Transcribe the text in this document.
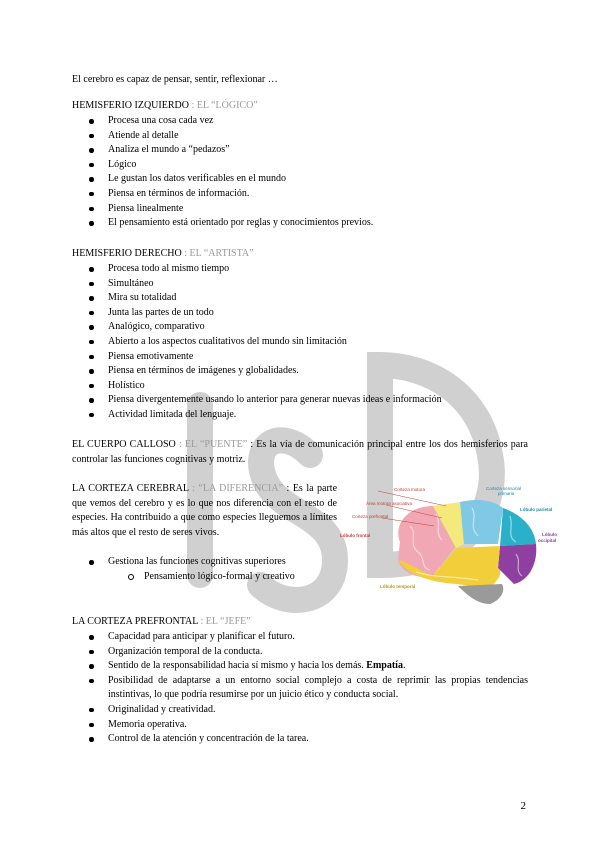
El cerebro es capaz de pensar, sentir, reflexionar …
HEMISFERIO IZQUIERDO : EL “LÓGICO”
Procesa una cosa cada vez
Atiende al detalle
Analiza el mundo a “pedazos”
Lógico
Le gustan los datos verificables en el mundo
Piensa en términos de información.
Piensa linealmente
El pensamiento está orientado por reglas y conocimientos previos.
HEMISFERIO DERECHO : EL “ARTISTA”
Procesa todo al mismo tiempo
Simultáneo
Mira su totalidad
Junta las partes de un todo
Analógico, comparativo
Abierto a los aspectos cualitativos del mundo sin limitación
Piensa emotivamente
Piensa en términos de imágenes y globalidades.
Holístico
Piensa divergentemente usando lo anterior para generar nuevas ideas e información
Actividad limitada del lenguaje.
EL CUERPO CALLOSO : EL “PUENTE” : Es la vía de comunicación principal entre los dos hemisferios para controlar las funciones cognitivas y motriz.
LA CORTEZA CEREBRAL : “LA DIFERENCIA” : Es la parte que vemos del cerebro y es lo que nos diferencia con el resto de especies. Ha contribuido a que como especies lleguemos a límites más altos que el resto de seres vivos.
Gestiona las funciones cognitivas superiores
Pensamiento lógico-formal y creativo
Corteza motora	Corteza sensorial
primaria
Área motora asociativa
Corteza prefrontal
Lóbulo parietal
Lóbulo frontal	Lóbulo
occipital
Lóbulo temporal
LA CORTEZA PREFRONTAL : EL “JEFE”
Capacidad para anticipar y planificar el futuro.
Organización temporal de la conducta.
Sentido de la responsabilidad hacia sí mismo y hacia los demás. Empatía.
Posibilidad de adaptarse a un entorno social complejo a costa de reprimir las propias tendencias instintivas, lo que podría resumirse por un juicio ético y conducta social.
Originalidad y creatividad.
Memoria operativa.
Control de la atención y concentración de la tarea.
2
